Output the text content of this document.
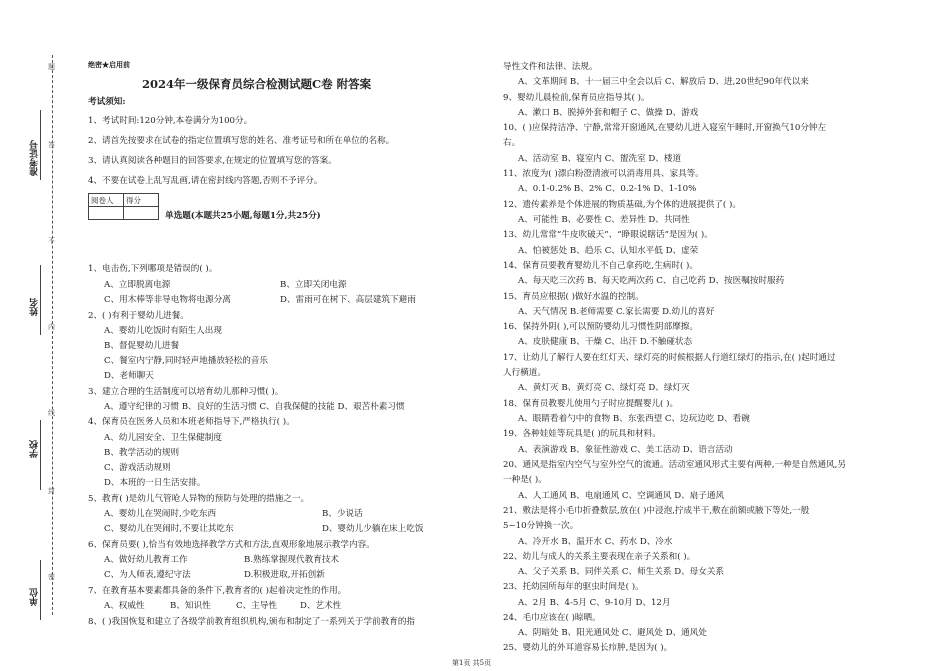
准考证号
姓名
学校
单位
题
答
不
内
线
封
密
绝密★启用前
2024年一级保育员综合检测试题C卷 附答案
考试须知:
1、考试时间:120分钟,本卷满分为100分。
2、请首先按要求在试卷的指定位置填写您的姓名、准考证号和所在单位的名称。
3、请认真阅读各种题目的回答要求,在规定的位置填写您的答案。
4、不要在试卷上乱写乱画,请在密封线内答题,否则不予评分。
阅卷人	得分

单选题(本题共25小题,每题1分,共25分)
1、电击伤,下列哪项是错误的( )。
A、立即脱离电源	B、立即关闭电源
C、用木棒等非导电物将电源分离	D、雷雨可在树下、高层建筑下避雨
2、( )有利于婴幼儿进餐。
A、婴幼儿吃饭时有陌生人出现
B、督促婴幼儿进餐
C、餐室内宁静,同时轻声地播放轻松的音乐
D、老师聊天
3、建立合理的生活制度可以培育幼儿那种习惯( )。
A、遵守纪律的习惯 B、良好的生活习惯 C、自我保健的技能 D、艰苦朴素习惯
4、保育员在医务人员和本班老师指导下,严格执行( )。
A、幼儿园安全、卫生保健制度
B、教学活动的规则
C、游戏活动规则
D、本班的一日生活安排。
5、教育( )是幼儿气管呛人异物的预防与处理的措施之一。
A、婴幼儿在哭闹时,少吃东西	B、少说话
C、婴幼儿在哭闹时,不要让其吃东	D、婴幼儿少躺在床上吃饭
6、保育员要( ),恰当有效地选择教学方式和方法,直观形象地展示教学内容。
A、做好幼儿教育工作	B.熟练掌握现代教育技术
C、为人师表,遵纪守法	D.积极进取,开拓创新
7、在教育基本要素都具备的条件下,教育者的( )起着决定性的作用。
A、权威性	B、知识性	C、主导性	D、艺术性
8、( )我国恢复和建立了各级学前教育组织机构,颁布和制定了一系列关于学前教育的指
导性文件和法律、法规。
A、文革期间 B、十一届三中全会以后 C、解放后 D、进,20世纪90年代以来
9、婴幼儿晨检前,保育员应指导其( )。
A、漱口 B、脱掉外套和帽子 C、做操 D、游戏
10、( )应保持洁净、宁静,常常开窗通风,在婴幼儿进入寝室午睡时,开窗换气10分钟左
右。
A、活动室 B、寝室内 C、盥洗室 D、楼道
11、浓度为( )漂白粉澄清液可以消毒用具、家具等。
A、0.1-0.2% B、2% C、0.2-1% D、1-10%
12、遗传素养是个体进展的物质基础,为个体的进展提供了( )。
A、可能性 B、必要性 C、差异性 D、共同性
13、幼儿常常“牛皮吹破天”、“睁眼说瞎话”是因为( )。
A、怕被惩处 B、趋乐 C、认知水平低 D、虚荣
14、保育员要教育婴幼儿不自己拿药吃,生病时( )。
A、每天吃三次药 B、每天吃两次药 C、自己吃药 D、按医嘱按时服药
15、育员应根据( )做好水温的控制。
A、天气情况 B.老师需要 C.家长需要 D.幼儿的喜好
16、保持外阴( ),可以预防婴幼儿习惯性阴部摩擦。
A、皮肤健康 B、干燥 C、出汗 D.不触碰状态
17、让幼儿了解行人要在红灯天、绿灯亮的时候根据人行道红绿灯的指示,在( )起时通过
人行横道。
A、黄灯灭 B、黄灯亮 C、绿灯亮 D、绿灯灭
18、保育员教婴儿使用勺子时应提醒婴儿( )。
A、眼睛看着勺中的食物 B、东张西望 C、边玩边吃 D、看碗
19、各种娃娃等玩具是( )的玩具和材料。
A、表演游戏 B、象征性游戏 C、美工活动 D、语言活动
20、通风是指室内空气与室外空气的流通。活动室通风形式主要有两种,一种是自然通风,另
一种是( )。
A、人工通风 B、电扇通风 C、空调通风 D、扇子通风
21、敷法是将小毛巾折叠数层,放在( )中浸泡,拧成半干,敷在前额或腋下等处,一般
5~10分钟换一次。
A、冷开水 B、温开水 C、药水 D、冷水
22、幼儿与成人的关系主要表现在亲子关系和( )。
A、父子关系 B、同伴关系 C、师生关系 D、母女关系
23、托幼园所每年的驱虫时间是( )。
A、2月 B、4-5月 C、9-10月 D、12月
24、毛巾应该在( )晾晒。
A、阴暗处 B、阳光通风处 C、避风处 D、通风处
25、婴幼儿的外耳道容易长疖肿,是因为( )。
第1页 共5页
